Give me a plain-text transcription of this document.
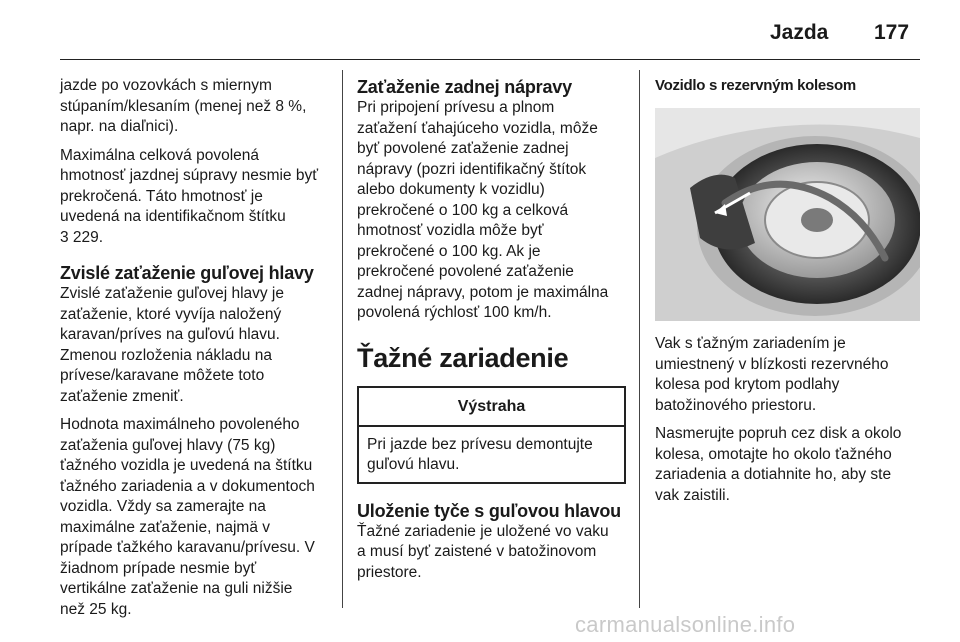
Jazda 177

jazde po vozovkách s miernym
stúpaním/klesaním (menej než 8 %,
napr. na diaľnici).

Maximálna celková povolená
hmotnosť jazdnej súpravy nesmie byť
prekročená. Táto hmotnosť je
uvedená na identifikačnom štítku
3 229.

Zvislé zaťaženie guľovej hlavy

Zvislé zaťaženie guľovej hlavy je
zaťaženie, ktoré vyvíja naložený
karavan/príves na guľovú hlavu.
Zmenou rozloženia nákladu na
prívese/karavane môžete toto
zaťaženie zmeniť.

Hodnota maximálneho povoleného
zaťaženia guľovej hlavy (75 kg)
ťažného vozidla je uvedená na štítku
ťažného zariadenia a v dokumentoch
vozidla. Vždy sa zamerajte na
maximálne zaťaženie, najmä v
prípade ťažkého karavanu/prívesu. V
žiadnom prípade nesmie byť
vertikálne zaťaženie na guli nižšie
než 25 kg.

Zaťaženie zadnej nápravy

Pri pripojení prívesu a plnom
zaťažení ťahajúceho vozidla, môže
byť povolené zaťaženie zadnej
nápravy (pozri identifikačný štítok
alebo dokumenty k vozidlu)
prekročené o 100 kg a celková
hmotnosť vozidla môže byť
prekročené o 100 kg. Ak je
prekročené povolené zaťaženie
zadnej nápravy, potom je maximálna
povolená rýchlosť 100 km/h.

Ťažné zariadenie
Výstraha
Pri jazde bez prívesu demontujte
guľovú hlavu.
Uloženie tyče s guľovou hlavou

Ťažné zariadenie je uložené vo vaku
a musí byť zaistené v batožinovom
priestore.

Vozidlo s rezervným kolesom

Vak s ťažným zariadením je
umiestnený v blízkosti rezervného
kolesa pod krytom podlahy
batožinového priestoru.

Nasmerujte popruh cez disk a okolo
kolesa, omotajte ho okolo ťažného
zariadenia a dotiahnite ho, aby ste
vak zaistili.

carmanualsonline.info
